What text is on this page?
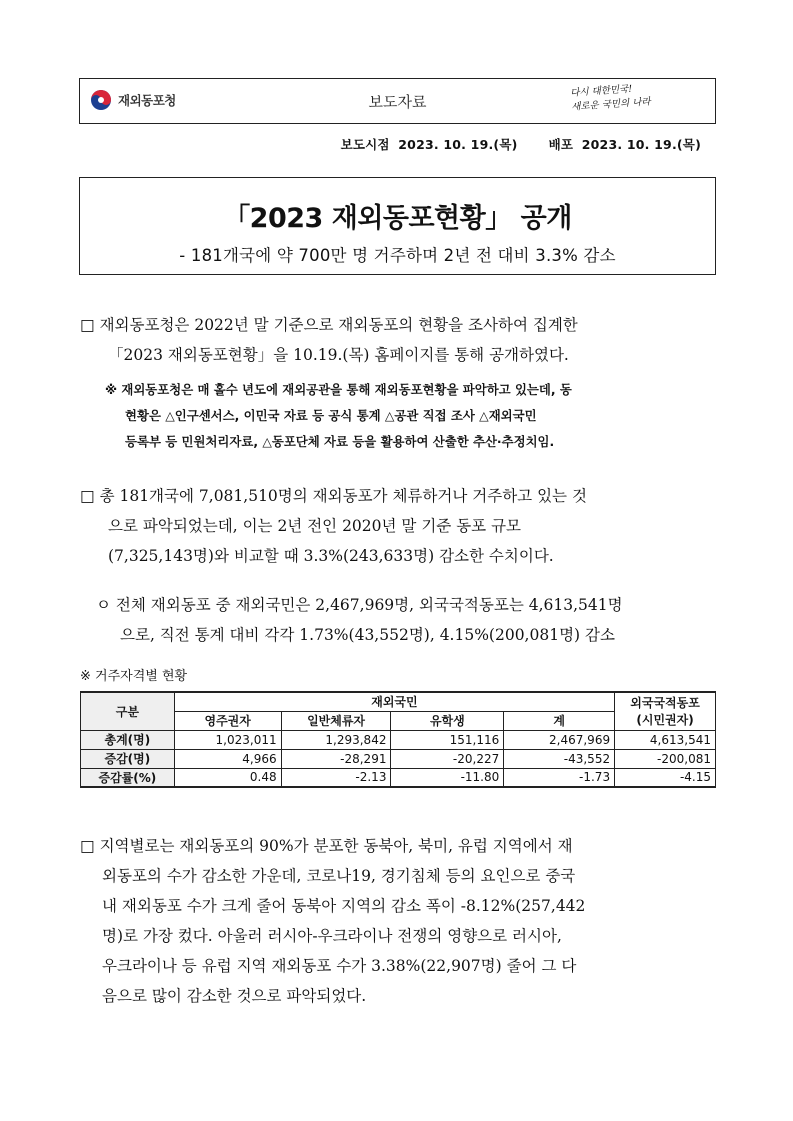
재외동포청	보도자료
다시 대한민국!
새로운 국민의 나라
보도시점 2023. 10. 19.(목) 배포 2023. 10. 19.(목)
「2023 재외동포현황」 공개
- 181개국에 약 700만 명 거주하며 2년 전 대비 3.3% 감소
□ 재외동포청은 2022년 말 기준으로 재외동포의 현황을 조사하여 집계한

「2023 재외동포현황」을 10.19.(목) 홈페이지를 통해 공개하였다.
※ 재외동포청은 매 홀수 년도에 재외공관을 통해 재외동포현황을 파악하고 있는데, 동
현황은 △인구센서스, 이민국 자료 등 공식 통계 △공관 직접 조사 △재외국민
등록부 등 민원처리자료, △동포단체 자료 등을 활용하여 산출한 추산·추정치임.
□ 총 181개국에 7,081,510명의 재외동포가 체류하거나 거주하고 있는 것

으로 파악되었는데, 이는 2년 전인 2020년 말 기준 동포 규모
(7,325,143명)와 비교할 때 3.3%(243,633명) 감소한 수치이다.
ㅇ 전체 재외동포 중 재외국민은 2,467,969명, 외국국적동포는 4,613,541명

으로, 직전 통계 대비 각각 1.73%(43,552명), 4.15%(200,081명) 감소
※ 거주자격별 현황
구분	재외국민				외국국적동포
(시민권자)

	영주권자	일반체류자	유학생	계	
총계(명)	1,023,011	1,293,842	151,116	2,467,969	4,613,541
증감(명)	4,966	-28,291	-20,227	-43,552	-200,081
증감률(%)	0.48	-2.13	-11.80	-1.73	-4.15
□ 지역별로는 재외동포의 90%가 분포한 동북아, 북미, 유럽 지역에서 재

외동포의 수가 감소한 가운데, 코로나19, 경기침체 등의 요인으로 중국
내 재외동포 수가 크게 줄어 동북아 지역의 감소 폭이 -8.12%(257,442
명)로 가장 컸다. 아울러 러시아-우크라이나 전쟁의 영향으로 러시아,
우크라이나 등 유럽 지역 재외동포 수가 3.38%(22,907명) 줄어 그 다
음으로 많이 감소한 것으로 파악되었다.
